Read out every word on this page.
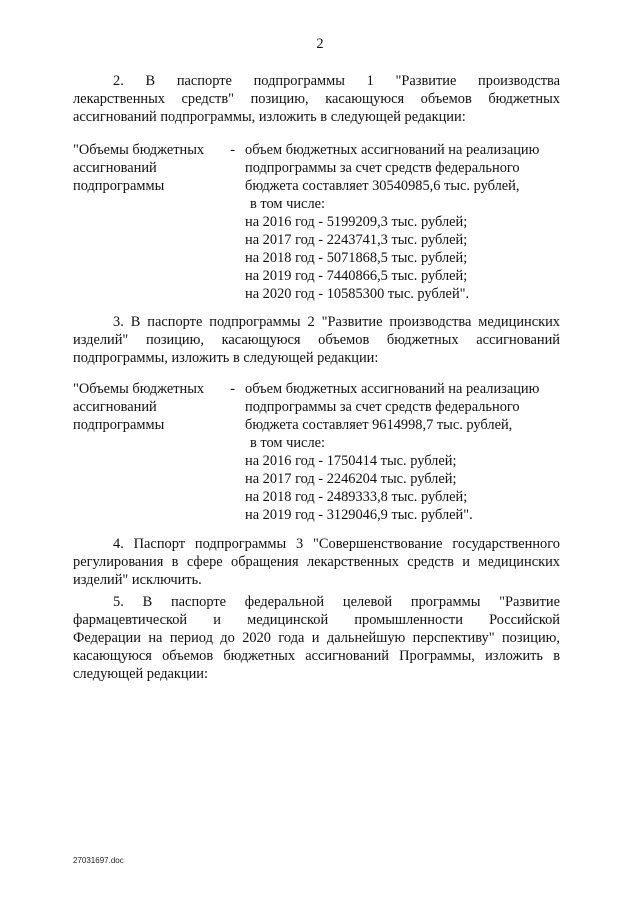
2
2. В паспорте подпрограммы 1 "Развитие производства
лекарственных средств" позицию, касающуюся объемов бюджетных
ассигнований подпрограммы, изложить в следующей редакции:
"Объемы бюджетных -
ассигнований
подпрограммы
объем бюджетных ассигнований на реализацию
подпрограммы за счет средств федерального
бюджета составляет 30540985,6 тыс. рублей,
в том числе:
на 2016 год - 5199209,3 тыс. рублей;
на 2017 год - 2243741,3 тыс. рублей;
на 2018 год - 5071868,5 тыс. рублей;
на 2019 год - 7440866,5 тыс. рублей;
на 2020 год - 10585300 тыс. рублей".
3. В паспорте подпрограммы 2 "Развитие производства медицинских
изделий" позицию, касающуюся объемов бюджетных ассигнований
подпрограммы, изложить в следующей редакции:
"Объемы бюджетных -
ассигнований
подпрограммы
объем бюджетных ассигнований на реализацию
подпрограммы за счет средств федерального
бюджета составляет 9614998,7 тыс. рублей,
в том числе:
на 2016 год - 1750414 тыс. рублей;
на 2017 год - 2246204 тыс. рублей;
на 2018 год - 2489333,8 тыс. рублей;
на 2019 год - 3129046,9 тыс. рублей".
4. Паспорт подпрограммы 3 "Совершенствование государственного
регулирования в сфере обращения лекарственных средств и медицинских
изделий" исключить.
5. В паспорте федеральной целевой программы "Развитие
фармацевтической и медицинской промышленности Российской
Федерации на период до 2020 года и дальнейшую перспективу" позицию,
касающуюся объемов бюджетных ассигнований Программы, изложить в
следующей редакции:
27031697.doc
